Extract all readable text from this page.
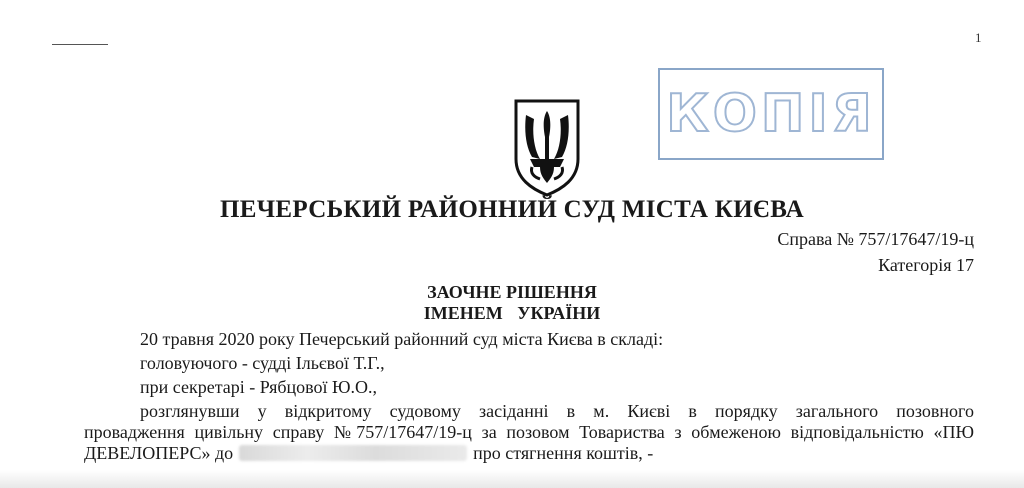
1
КОПІЯ
ПЕЧЕРСЬКИЙ РАЙОННИЙ СУД МІСТА КИЄВА
Справа № 757/17647/19-ц
Категорія 17
ЗАОЧНЕ РІШЕННЯ
ІМЕНЕМ УКРАЇНИ
20 травня 2020 року Печерський районний суд міста Києва в складі:
головуючого - судді Ільєвої Т.Г.,
при секретарі - Рябцової Ю.О.,
розглянувши у відкритому судовому засіданні в м. Києві в порядку загального позовного
провадження цивільну справу №757/17647/19-ц за позовом Товариства з обмеженою відповідальністю «ПЮ
ДЕВЕЛОПЕРС» до	про стягнення коштів, -
